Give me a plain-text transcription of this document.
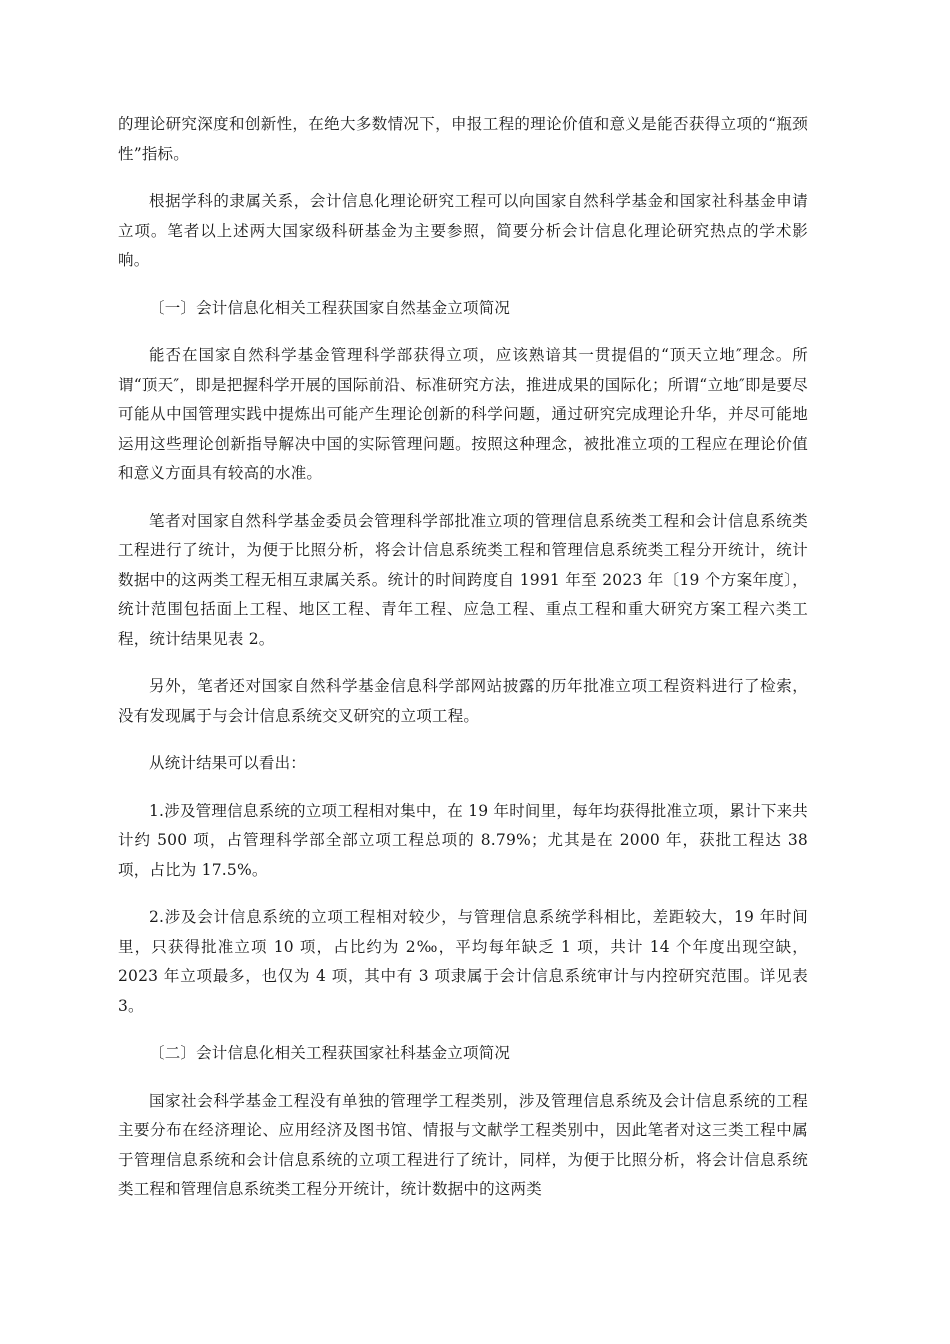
的理论研究深度和创新性，在绝大多数情况下，申报工程的理论价值和意义是能否获得立项的“瓶颈性”指标。

根据学科的隶属关系，会计信息化理论研究工程可以向国家自然科学基金和国家社科基金申请立项。笔者以上述两大国家级科研基金为主要参照，简要分析会计信息化理论研究热点的学术影响。

〔一〕会计信息化相关工程获国家自然基金立项简况

能否在国家自然科学基金管理科学部获得立项，应该熟谙其一贯提倡的“顶天立地″理念。所谓“顶天″，即是把握科学开展的国际前沿、标准研究方法，推进成果的国际化；所谓“立地″即是要尽可能从中国管理实践中提炼出可能产生理论创新的科学问题，通过研究完成理论升华，并尽可能地运用这些理论创新指导解决中国的实际管理问题。按照这种理念，被批准立项的工程应在理论价值和意义方面具有较高的水准。

笔者对国家自然科学基金委员会管理科学部批准立项的管理信息系统类工程和会计信息系统类工程进行了统计，为便于比照分析，将会计信息系统类工程和管理信息系统类工程分开统计，统计数据中的这两类工程无相互隶属关系。统计的时间跨度自 1991 年至 2023 年〔19 个方案年度〕，统计范围包括面上工程、地区工程、青年工程、应急工程、重点工程和重大研究方案工程六类工程，统计结果见表 2。

另外，笔者还对国家自然科学基金信息科学部网站披露的历年批准立项工程资料进行了检索，没有发现属于与会计信息系统交叉研究的立项工程。

从统计结果可以看出：

1.涉及管理信息系统的立项工程相对集中，在 19 年时间里，每年均获得批准立项，累计下来共计约 500 项，占管理科学部全部立项工程总项的 8.79%；尤其是在 2000 年，获批工程达 38 项，占比为 17.5%。

2.涉及会计信息系统的立项工程相对较少，与管理信息系统学科相比，差距较大，19 年时间里，只获得批准立项 10 项，占比约为 2‰，平均每年缺乏 1 项，共计 14 个年度出现空缺，2023 年立项最多，也仅为 4 项，其中有 3 项隶属于会计信息系统审计与内控研究范围。详见表 3。

〔二〕会计信息化相关工程获国家社科基金立项简况

国家社会科学基金工程没有单独的管理学工程类别，涉及管理信息系统及会计信息系统的工程主要分布在经济理论、应用经济及图书馆、情报与文献学工程类别中，因此笔者对这三类工程中属于管理信息系统和会计信息系统的立项工程进行了统计，同样，为便于比照分析，将会计信息系统类工程和管理信息系统类工程分开统计，统计数据中的这两类
